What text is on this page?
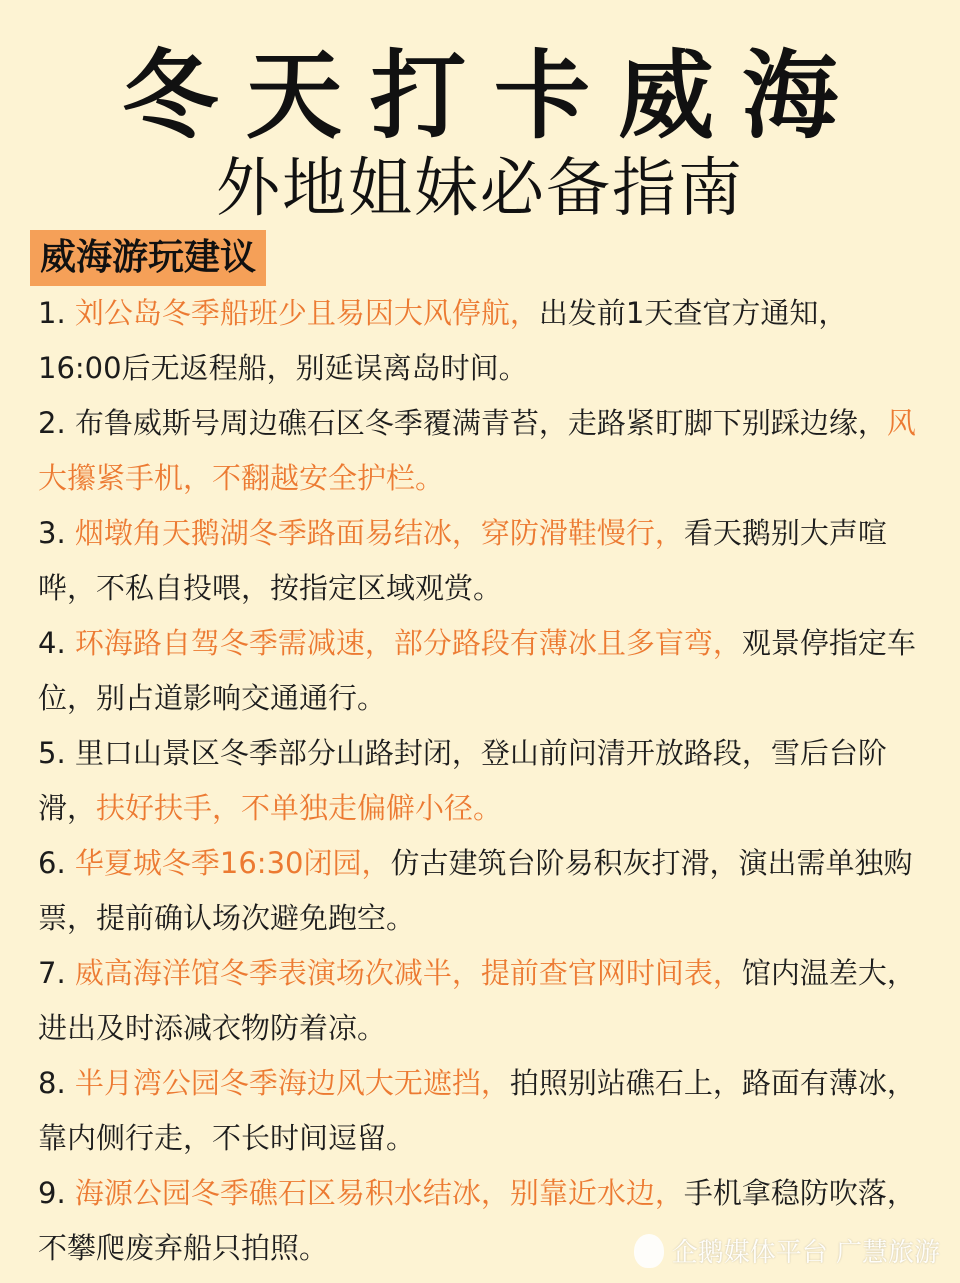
冬天打卡威海
外地姐妹必备指南
威海游玩建议

1. 刘公岛冬季船班少且易因大风停航，出发前1天查官方通知，16:00后无返程船，别延误离岛时间。

2. 布鲁威斯号周边礁石区冬季覆满青苔，走路紧盯脚下别踩边缘，风大攥紧手机，不翻越安全护栏。

3. 烟墩角天鹅湖冬季路面易结冰，穿防滑鞋慢行，看天鹅别大声喧哗，不私自投喂，按指定区域观赏。

4. 环海路自驾冬季需减速，部分路段有薄冰且多盲弯，观景停指定车位，别占道影响交通通行。

5. 里口山景区冬季部分山路封闭，登山前问清开放路段，雪后台阶滑，扶好扶手，不单独走偏僻小径。

6. 华夏城冬季16:30闭园，仿古建筑台阶易积灰打滑，演出需单独购票，提前确认场次避免跑空。

7. 威高海洋馆冬季表演场次减半，提前查官网时间表，馆内温差大，进出及时添减衣物防着凉。

8. 半月湾公园冬季海边风大无遮挡，拍照别站礁石上，路面有薄冰，靠内侧行走，不长时间逗留。

9. 海源公园冬季礁石区易积水结冰，别靠近水边，手机拿稳防吹落，不攀爬废弃船只拍照。	企鹅媒体平台 广慧旅游
